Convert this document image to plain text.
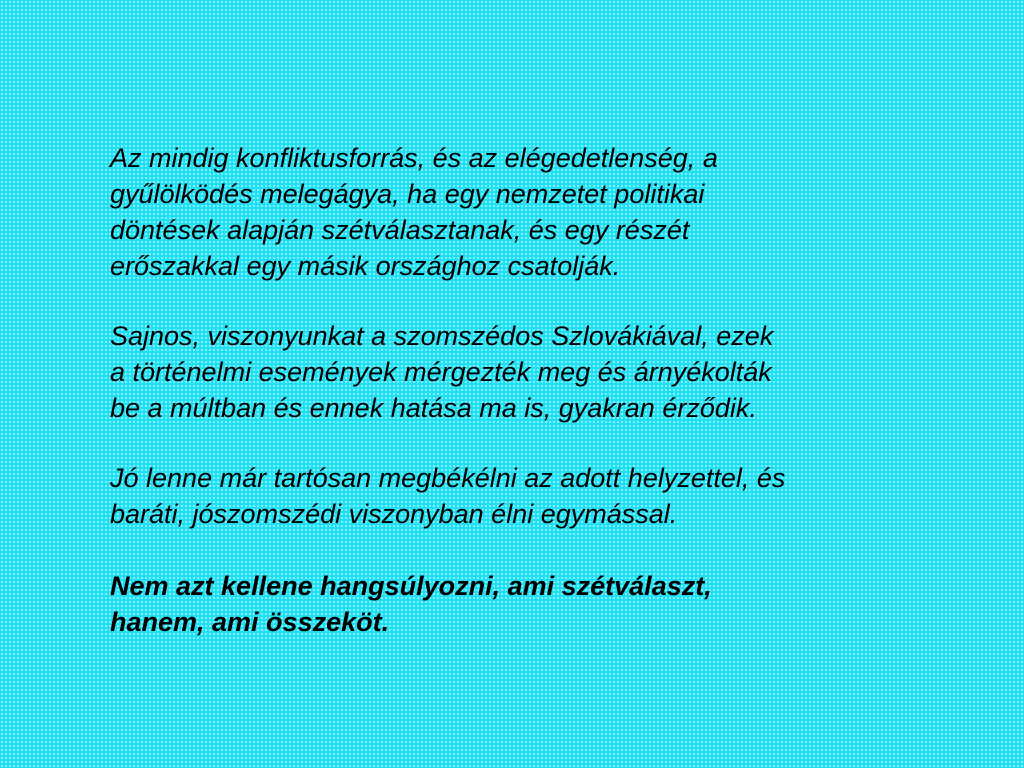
Az mindig konfliktusforrás, és az elégedetlenség, a
gyűlölködés melegágya, ha egy nemzetet politikai
döntések alapján szétválasztanak, és egy részét
erőszakkal egy másik országhoz csatolják.

Sajnos, viszonyunkat a szomszédos Szlovákiával, ezek
a történelmi események mérgezték meg és árnyékolták
be a múltban és ennek hatása ma is, gyakran érződik.

Jó lenne már tartósan megbékélni az adott helyzettel, és
baráti, jószomszédi viszonyban élni egymással.

Nem azt kellene hangsúlyozni, ami szétválaszt,
hanem, ami összeköt.
